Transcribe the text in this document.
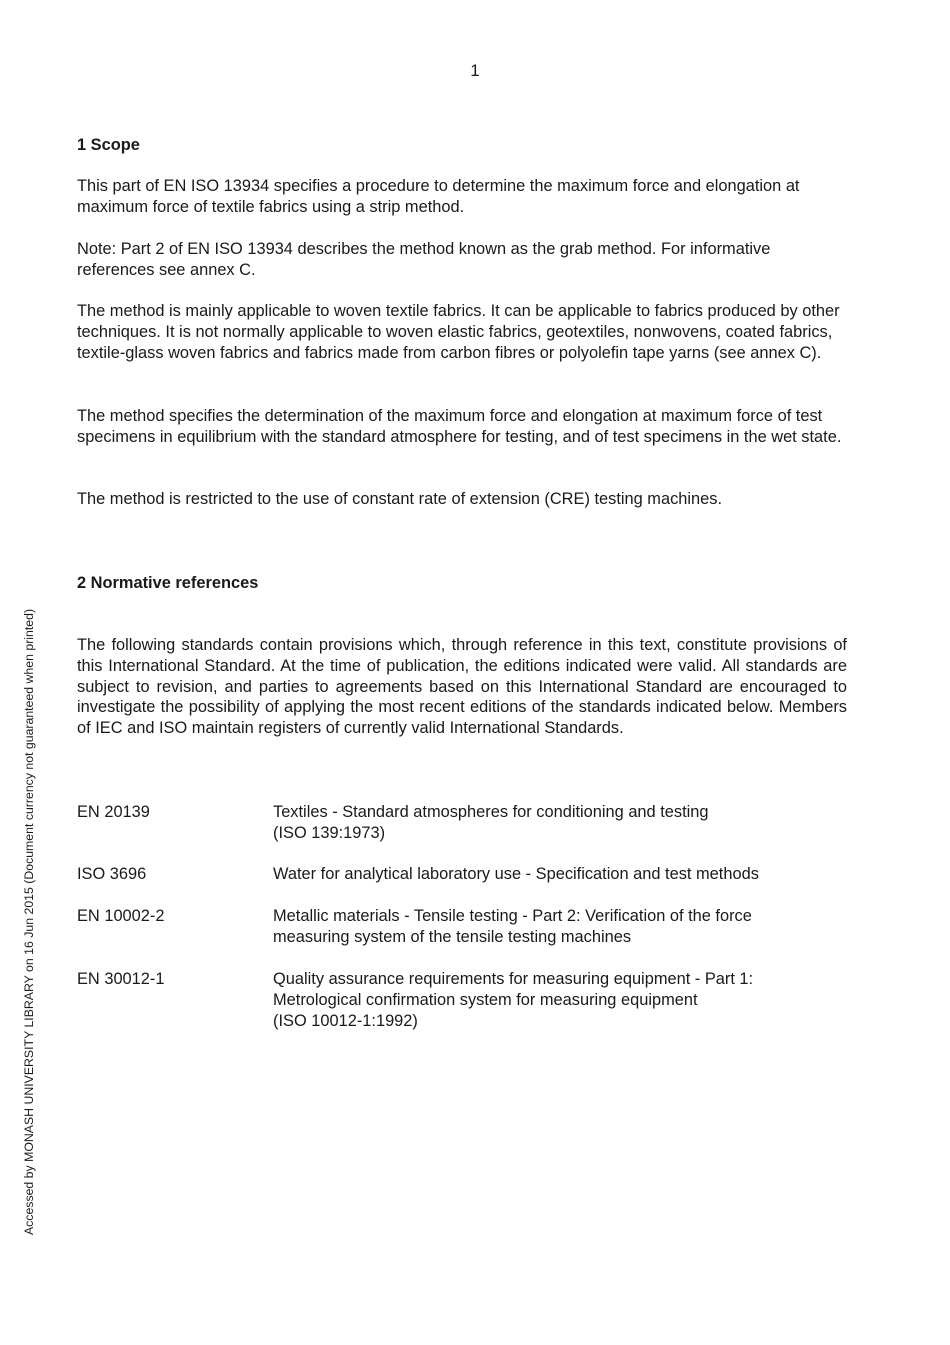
1
Accessed by MONASH UNIVERSITY LIBRARY on 16 Jun 2015 (Document currency not guaranteed when printed)
1 Scope

This part of EN ISO 13934 specifies a procedure to determine the maximum force and elongation at maximum force of textile fabrics using a strip method.

Note: Part 2 of EN ISO 13934 describes the method known as the grab method. For informative references see annex C.

The method is mainly applicable to woven textile fabrics. It can be applicable to fabrics produced by other techniques. It is not normally applicable to woven elastic fabrics, geotextiles, nonwovens, coated fabrics, textile-glass woven fabrics and fabrics made from carbon fibres or polyolefin tape yarns (see annex C).

The method specifies the determination of the maximum force and elongation at maximum force of test specimens in equilibrium with the standard atmosphere for testing, and of test specimens in the wet state.

The method is restricted to the use of constant rate of extension (CRE) testing machines.

2 Normative references

The following standards contain provisions which, through reference in this text, constitute provisions of this International Standard. At the time of publication, the editions indicated were valid. All standards are subject to revision, and parties to agreements based on this International Standard are encouraged to investigate the possibility of applying the most recent editions of the standards indicated below. Members of IEC and ISO maintain registers of currently valid International Standards.

EN 20139	Textiles - Standard atmospheres for conditioning and testing
(ISO 139:1973)
ISO 3696	Water for analytical laboratory use - Specification and test methods
EN 10002-2	Metallic materials - Tensile testing - Part 2: Verification of the force
measuring system of the tensile testing machines
EN 30012-1	Quality assurance requirements for measuring equipment - Part 1:
Metrological confirmation system for measuring equipment
(ISO 10012-1:1992)
